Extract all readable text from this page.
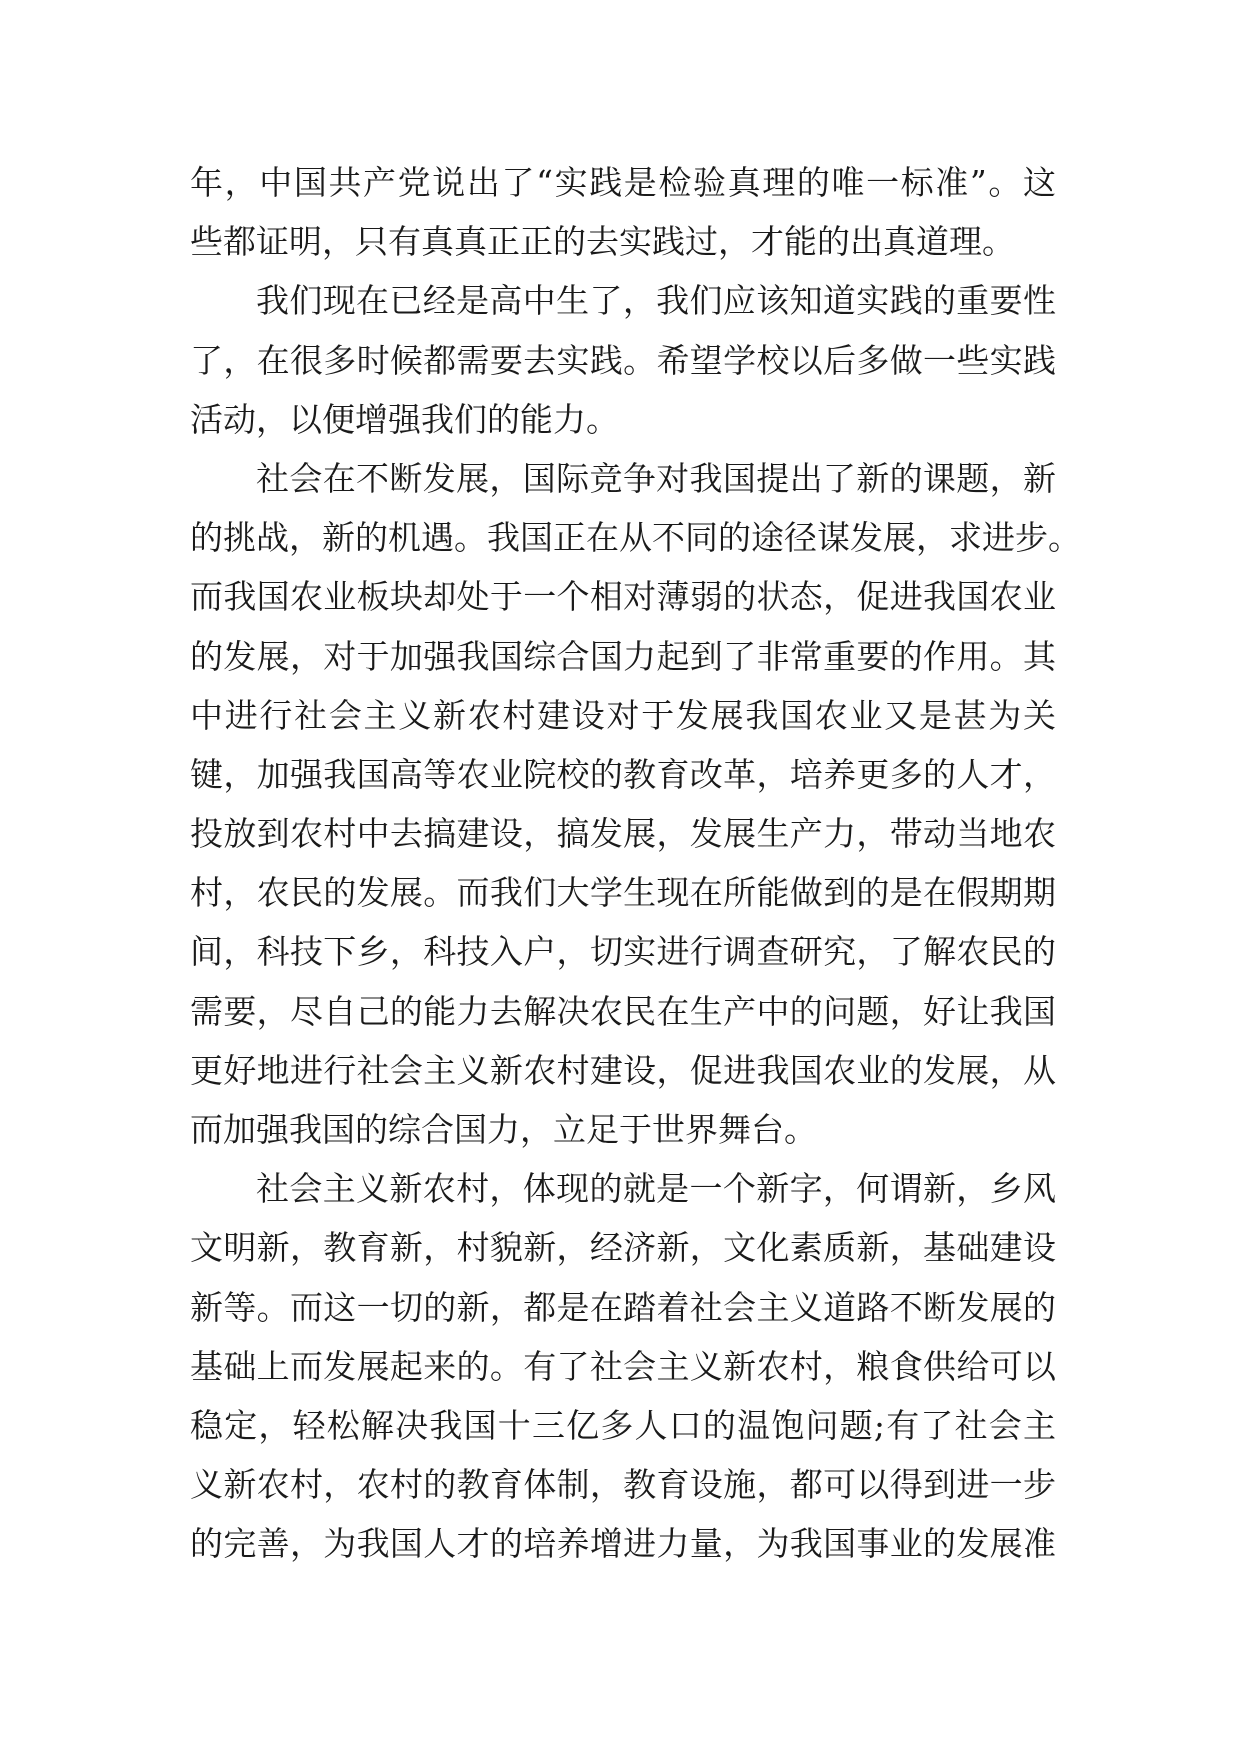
年，中国共产党说出了“实践是检验真理的唯一标准”。这
些都证明，只有真真正正的去实践过，才能的出真道理。
我们现在已经是高中生了，我们应该知道实践的重要性
了，在很多时候都需要去实践。希望学校以后多做一些实践
活动，以便增强我们的能力。
社会在不断发展，国际竞争对我国提出了新的课题，新
的挑战，新的机遇。我国正在从不同的途径谋发展，求进步。
而我国农业板块却处于一个相对薄弱的状态，促进我国农业
的发展，对于加强我国综合国力起到了非常重要的作用。其
中进行社会主义新农村建设对于发展我国农业又是甚为关
键，加强我国高等农业院校的教育改革，培养更多的人才，
投放到农村中去搞建设，搞发展，发展生产力，带动当地农
村，农民的发展。而我们大学生现在所能做到的是在假期期
间，科技下乡，科技入户，切实进行调查研究，了解农民的
需要，尽自己的能力去解决农民在生产中的问题，好让我国
更好地进行社会主义新农村建设，促进我国农业的发展，从
而加强我国的综合国力，立足于世界舞台。
社会主义新农村，体现的就是一个新字，何谓新，乡风
文明新，教育新，村貌新，经济新，文化素质新，基础建设
新等。而这一切的新，都是在踏着社会主义道路不断发展的
基础上而发展起来的。有了社会主义新农村，粮食供给可以
稳定，轻松解决我国十三亿多人口的温饱问题;有了社会主
义新农村，农村的教育体制，教育设施，都可以得到进一步
的完善，为我国人才的培养增进力量，为我国事业的发展准
